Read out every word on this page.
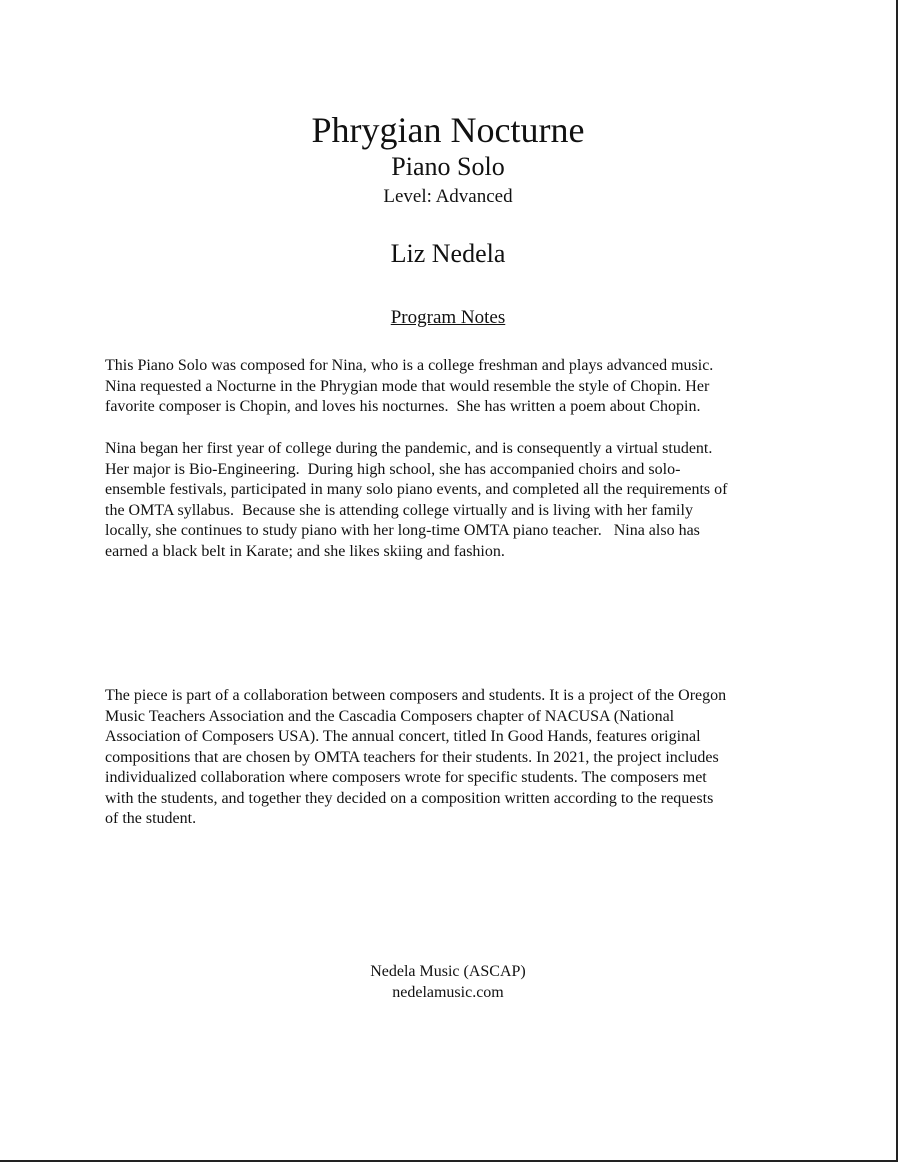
Phrygian Nocturne
Piano Solo
Level: Advanced
Liz Nedela
Program Notes

This Piano Solo was composed for Nina, who is a college freshman and plays advanced music.
Nina requested a Nocturne in the Phrygian mode that would resemble the style of Chopin. Her
favorite composer is Chopin, and loves his nocturnes.  She has written a poem about Chopin.

Nina began her first year of college during the pandemic, and is consequently a virtual student.
Her major is Bio-Engineering.  During high school, she has accompanied choirs and solo-
ensemble festivals, participated in many solo piano events, and completed all the requirements of
the OMTA syllabus.  Because she is attending college virtually and is living with her family
locally, she continues to study piano with her long-time OMTA piano teacher.   Nina also has
earned a black belt in Karate; and she likes skiing and fashion.

The piece is part of a collaboration between composers and students. It is a project of the Oregon
Music Teachers Association and the Cascadia Composers chapter of NACUSA (National
Association of Composers USA). The annual concert, titled In Good Hands, features original
compositions that are chosen by OMTA teachers for their students. In 2021, the project includes
individualized collaboration where composers wrote for specific students. The composers met
with the students, and together they decided on a composition written according to the requests
of the student.

Nedela Music (ASCAP)
nedelamusic.com
